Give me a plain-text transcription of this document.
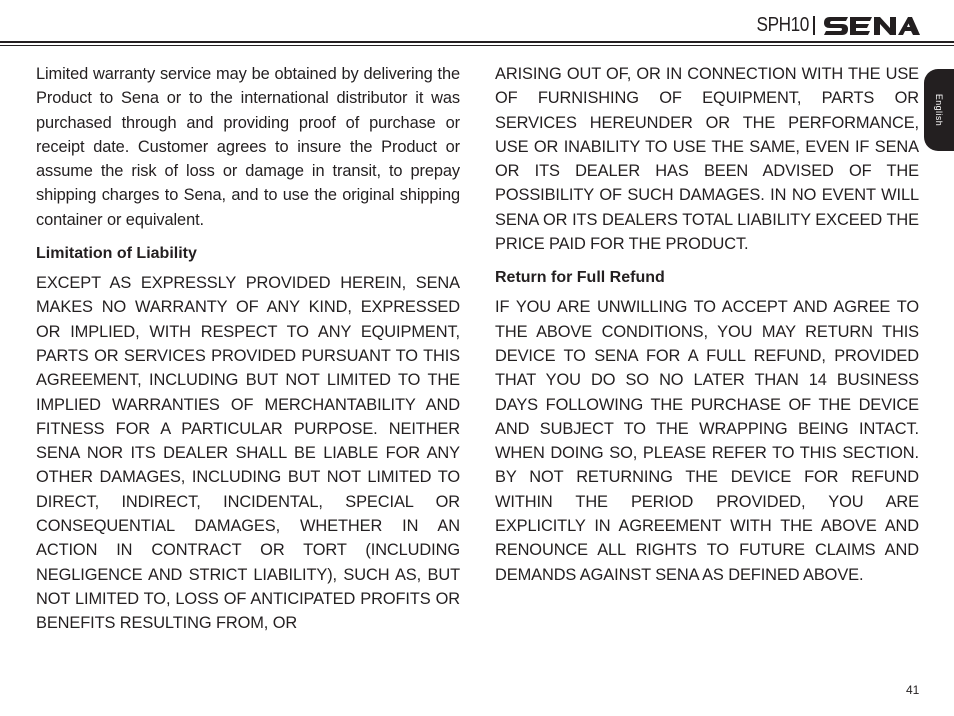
SPH10
English

Limited warranty service may be obtained by delivering the Product to Sena or to the international distributor it was purchased through and providing proof of purchase or receipt date. Customer agrees to insure the Product or assume the risk of loss or damage in transit, to prepay shipping charges to Sena, and to use the original shipping container or equivalent.

Limitation of Liability

EXCEPT AS EXPRESSLY PROVIDED HEREIN, SENA MAKES NO WARRANTY OF ANY KIND, EXPRESSED OR IMPLIED, WITH RESPECT TO ANY EQUIPMENT, PARTS OR SERVICES PROVIDED PURSUANT TO THIS AGREEMENT, INCLUDING BUT NOT LIMITED TO THE IMPLIED WARRANTIES OF MERCHANTABILITY AND FITNESS FOR A PARTICULAR PURPOSE. NEITHER SENA NOR ITS DEALER SHALL BE LIABLE FOR ANY OTHER DAMAGES, INCLUDING BUT NOT LIMITED TO DIRECT, INDIRECT, INCIDENTAL, SPECIAL OR CONSEQUENTIAL DAMAGES, WHETHER IN AN ACTION IN CONTRACT OR TORT (INCLUDING NEGLIGENCE AND STRICT LIABILITY), SUCH AS, BUT NOT LIMITED TO, LOSS OF ANTICIPATED PROFITS OR BENEFITS RESULTING FROM, OR

ARISING OUT OF, OR IN CONNECTION WITH THE USE OF FURNISHING OF EQUIPMENT, PARTS OR SERVICES HEREUNDER OR THE PERFORMANCE, USE OR INABILITY TO USE THE SAME, EVEN IF SENA OR ITS DEALER HAS BEEN ADVISED OF THE POSSIBILITY OF SUCH DAMAGES. IN NO EVENT WILL SENA OR ITS DEALERS TOTAL LIABILITY EXCEED THE PRICE PAID FOR THE PRODUCT.

Return for Full Refund

IF YOU ARE UNWILLING TO ACCEPT AND AGREE TO THE ABOVE CONDITIONS, YOU MAY RETURN THIS DEVICE TO SENA FOR A FULL REFUND, PROVIDED THAT YOU DO SO NO LATER THAN 14 BUSINESS DAYS FOLLOWING THE PURCHASE OF THE DEVICE AND SUBJECT TO THE WRAPPING BEING INTACT. WHEN DOING SO, PLEASE REFER TO THIS SECTION. BY NOT RETURNING THE DEVICE FOR REFUND WITHIN THE PERIOD PROVIDED, YOU ARE EXPLICITLY IN AGREEMENT WITH THE ABOVE AND RENOUNCE ALL RIGHTS TO FUTURE CLAIMS AND DEMANDS AGAINST SENA AS DEFINED ABOVE.

41
